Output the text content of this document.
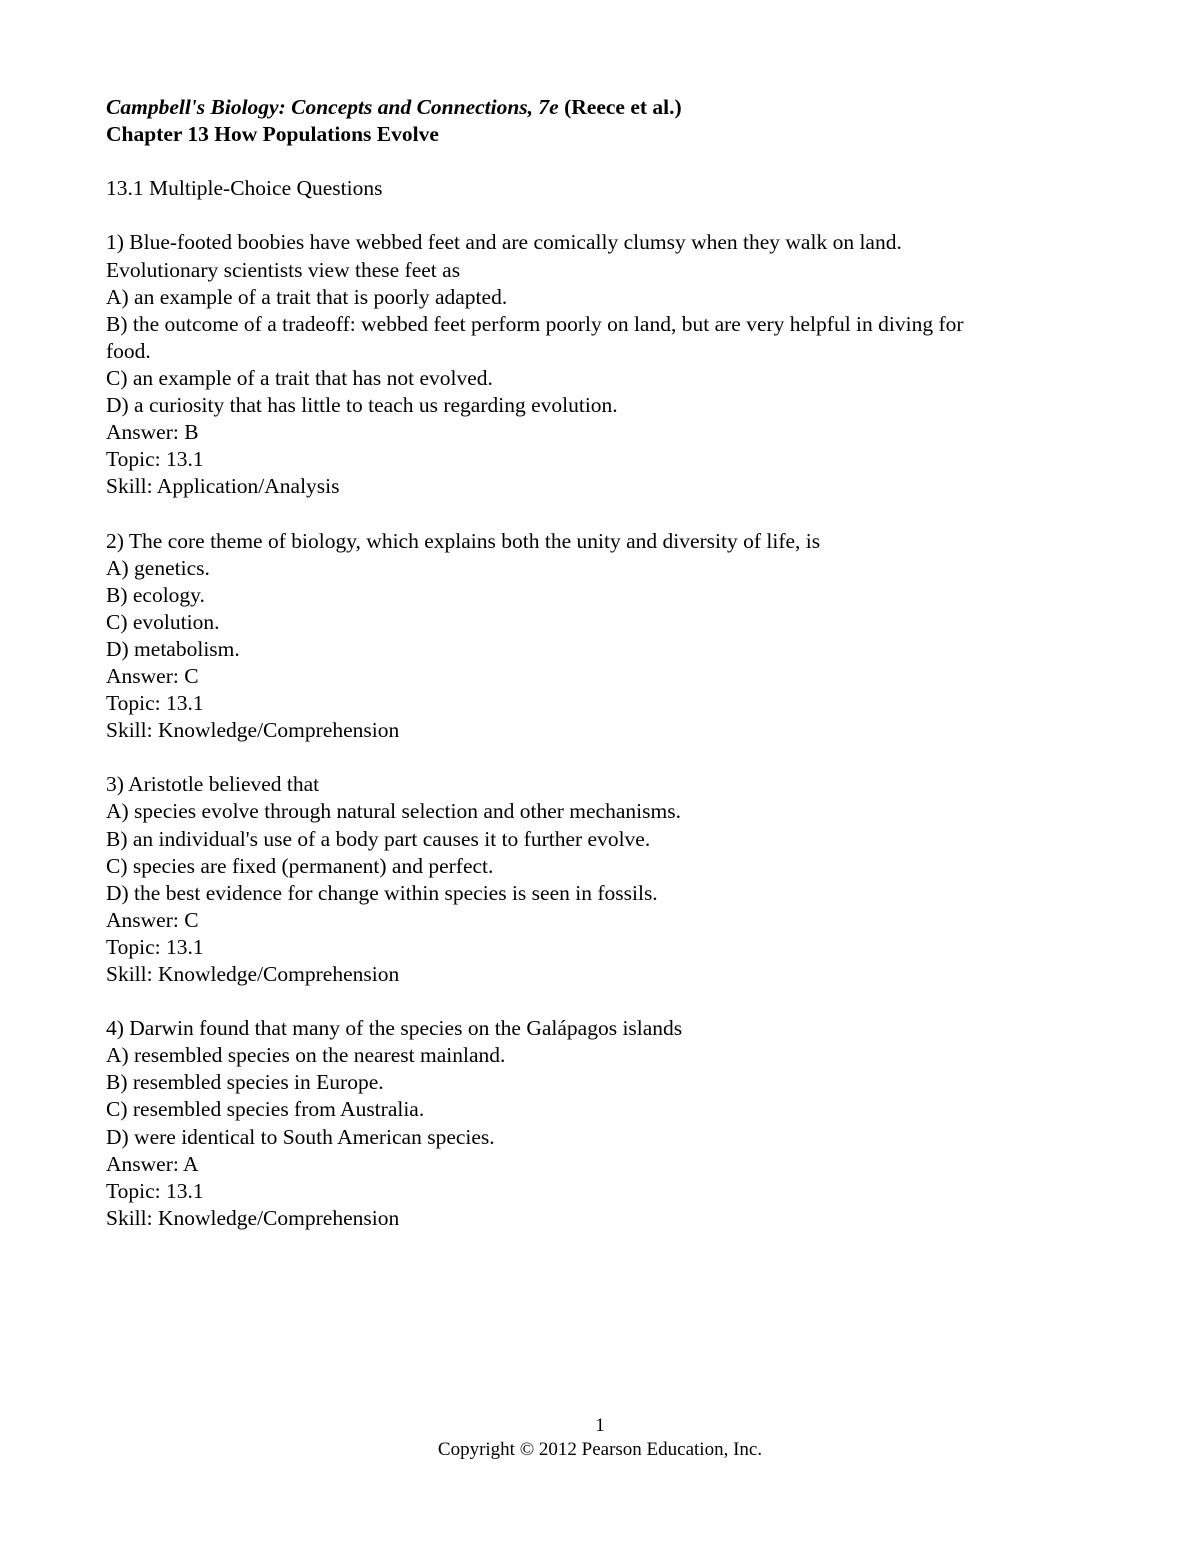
Campbell's Biology: Concepts and Connections, 7e (Reece et al.)
Chapter 13 How Populations Evolve
13.1 Multiple-Choice Questions
1) Blue-footed boobies have webbed feet and are comically clumsy when they walk on land.
Evolutionary scientists view these feet as
A) an example of a trait that is poorly adapted.
B) the outcome of a tradeoff: webbed feet perform poorly on land, but are very helpful in diving for
food.
C) an example of a trait that has not evolved.
D) a curiosity that has little to teach us regarding evolution.
Answer: B
Topic: 13.1
Skill: Application/Analysis
2) The core theme of biology, which explains both the unity and diversity of life, is
A) genetics.
B) ecology.
C) evolution.
D) metabolism.
Answer: C
Topic: 13.1
Skill: Knowledge/Comprehension
3) Aristotle believed that
A) species evolve through natural selection and other mechanisms.
B) an individual's use of a body part causes it to further evolve.
C) species are fixed (permanent) and perfect.
D) the best evidence for change within species is seen in fossils.
Answer: C
Topic: 13.1
Skill: Knowledge/Comprehension
4) Darwin found that many of the species on the Galápagos islands
A) resembled species on the nearest mainland.
B) resembled species in Europe.
C) resembled species from Australia.
D) were identical to South American species.
Answer: A
Topic: 13.1
Skill: Knowledge/Comprehension
1
Copyright © 2012 Pearson Education, Inc.
